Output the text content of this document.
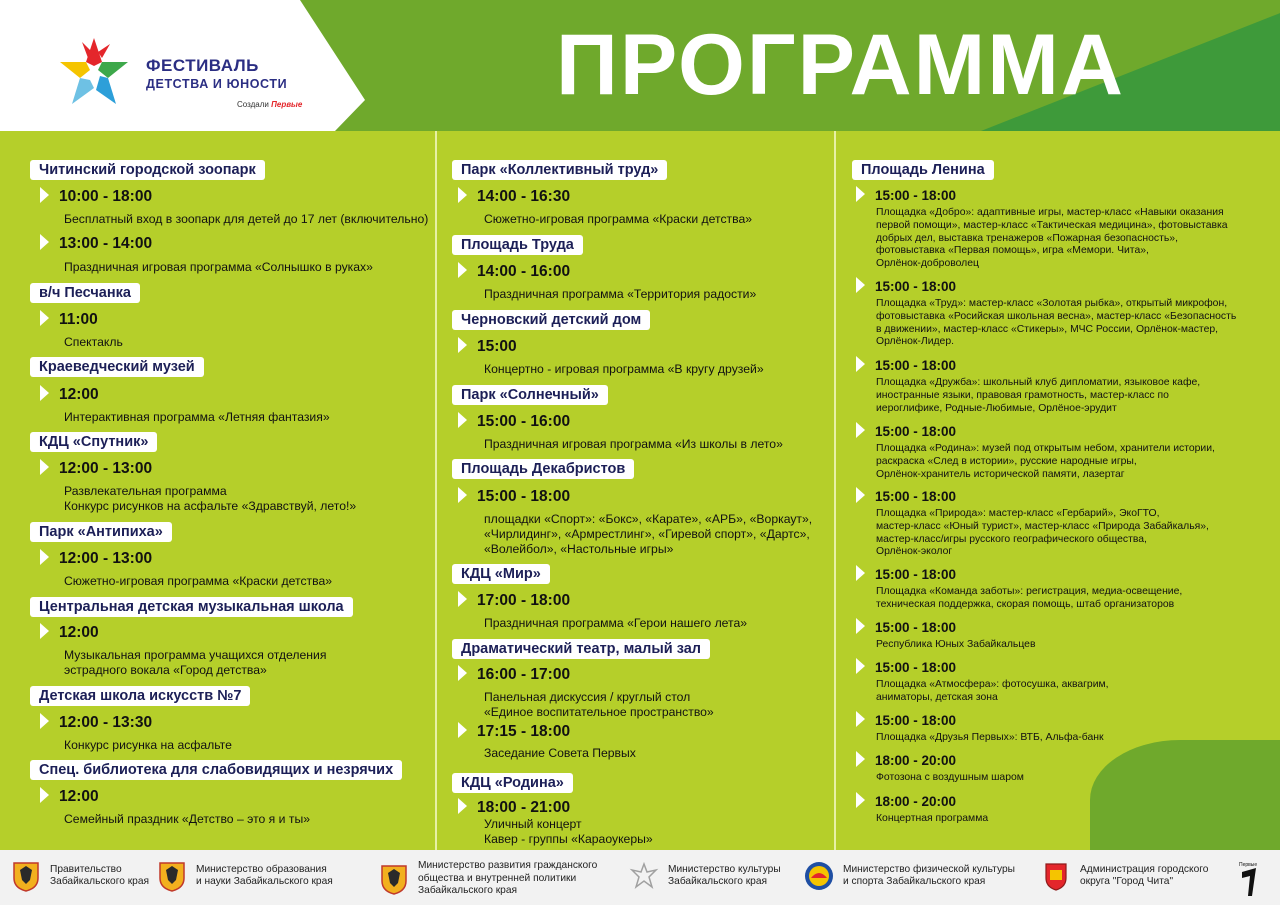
ФЕСТИВАЛЬ
ДЕТСТВА И ЮНОСТИ
Создали Первые	ПРОГРАММА
Читинский городской зоопарк
10:00 - 18:00
Бесплатный вход в зоопарк для детей до 17 лет (включительно)
13:00 - 14:00
Праздничная игровая программа «Солнышко в руках»
в/ч Песчанка
11:00
Спектакль
Краеведческий музей
12:00
Интерактивная программа «Летняя фантазия»
КДЦ «Спутник»
12:00 - 13:00
Развлекательная программа
Конкурс рисунков на асфальте «Здравствуй, лето!»
Парк «Антипиха»
12:00 - 13:00
Сюжетно-игровая программа «Краски детства»
Центральная детская музыкальная школа
12:00
Музыкальная программа учащихся отделения
эстрадного вокала «Город детства»
Детская школа искусств №7
12:00 - 13:30
Конкурс рисунка на асфальте
Спец. библиотека для слабовидящих и незрячих
12:00
Семейный праздник «Детство – это я и ты»
Парк «Коллективный труд»
14:00 - 16:30
Сюжетно-игровая программа «Краски детства»
Площадь Труда
14:00 - 16:00
Праздничная программа «Территория радости»
Черновский детский дом
15:00
Концертно - игровая программа «В кругу друзей»
Парк «Солнечный»
15:00 - 16:00
Праздничная игровая программа «Из школы в лето»
Площадь Декабристов
15:00 - 18:00
площадки «Спорт»: «Бокс», «Карате», «АРБ», «Воркаут»,
«Чирлидинг», «Армрестлинг», «Гиревой спорт», «Дартс»,
«Волейбол», «Настольные игры»
КДЦ «Мир»
17:00 - 18:00
Праздничная программа «Герои нашего лета»
Драматический театр, малый зал
16:00 - 17:00
Панельная дискуссия / круглый стол
«Единое воспитательное пространство»
17:15 - 18:00
Заседание Совета Первых
КДЦ «Родина»
18:00 - 21:00
Уличный концерт
Кавер - группы «Караоукеры»
Площадь Ленина
15:00 - 18:00
Площадка «Добро»: адаптивные игры, мастер-класс «Навыки оказания
первой помощи», мастер-класс «Тактическая медицина», фотовыставка
добрых дел, выставка тренажеров «Пожарная безопасность»,
фотовыставка «Первая помощь», игра «Мемори. Чита»,
Орлёнок-доброволец
15:00 - 18:00
Площадка «Труд»: мастер-класс «Золотая рыбка», открытый микрофон,
фотовыставка «Росийская школьная весна», мастер-класс «Безопасность
в движении», мастер-класс «Стикеры», МЧС России, Орлёнок-мастер,
Орлёнок-Лидер.
15:00 - 18:00
Площадка «Дружба»: школьный клуб дипломатии, языковое кафе,
иностранные языки, правовая грамотность, мастер-класс по
иероглифике, Родные-Любимые, Орлёное-эрудит
15:00 - 18:00
Площадка «Родина»: музей под открытым небом, хранители истории,
раскраска «След в истории», русские народные игры,
Орлёнок-хранитель исторической памяти, лазертаг
15:00 - 18:00
Площадка «Природа»: мастер-класс «Гербарий», ЭкоГТО,
мастер-класс «Юный турист», мастер-класс «Природа Забайкалья»,
мастер-класс/игры русского географического общества,
Орлёнок-эколог
15:00 - 18:00
Площадка «Команда заботы»: регистрация, медиа-освещение,
техническая поддержка, скорая помощь, штаб организаторов
15:00 - 18:00
Республика Юных Забайкальцев
15:00 - 18:00
Площадка «Атмосфера»: фотосушка, аквагрим,
аниматоры, детская зона
15:00 - 18:00
Площадка «Друзья Первых»: ВТБ, Альфа-банк
18:00 - 20:00
Фотозона с воздушным шаром
18:00 - 20:00
Концертная программа
Первые
Правительство
Забайкальского края
Министерство образования
и науки Забайкальского края
Министерство развития гражданского
общества и внутренней политики
Забайкальского края
Министерство культуры
Забайкальского края
Министерство физической культуры
и спорта Забайкальского края
Администрация городского
округа "Город Чита"
